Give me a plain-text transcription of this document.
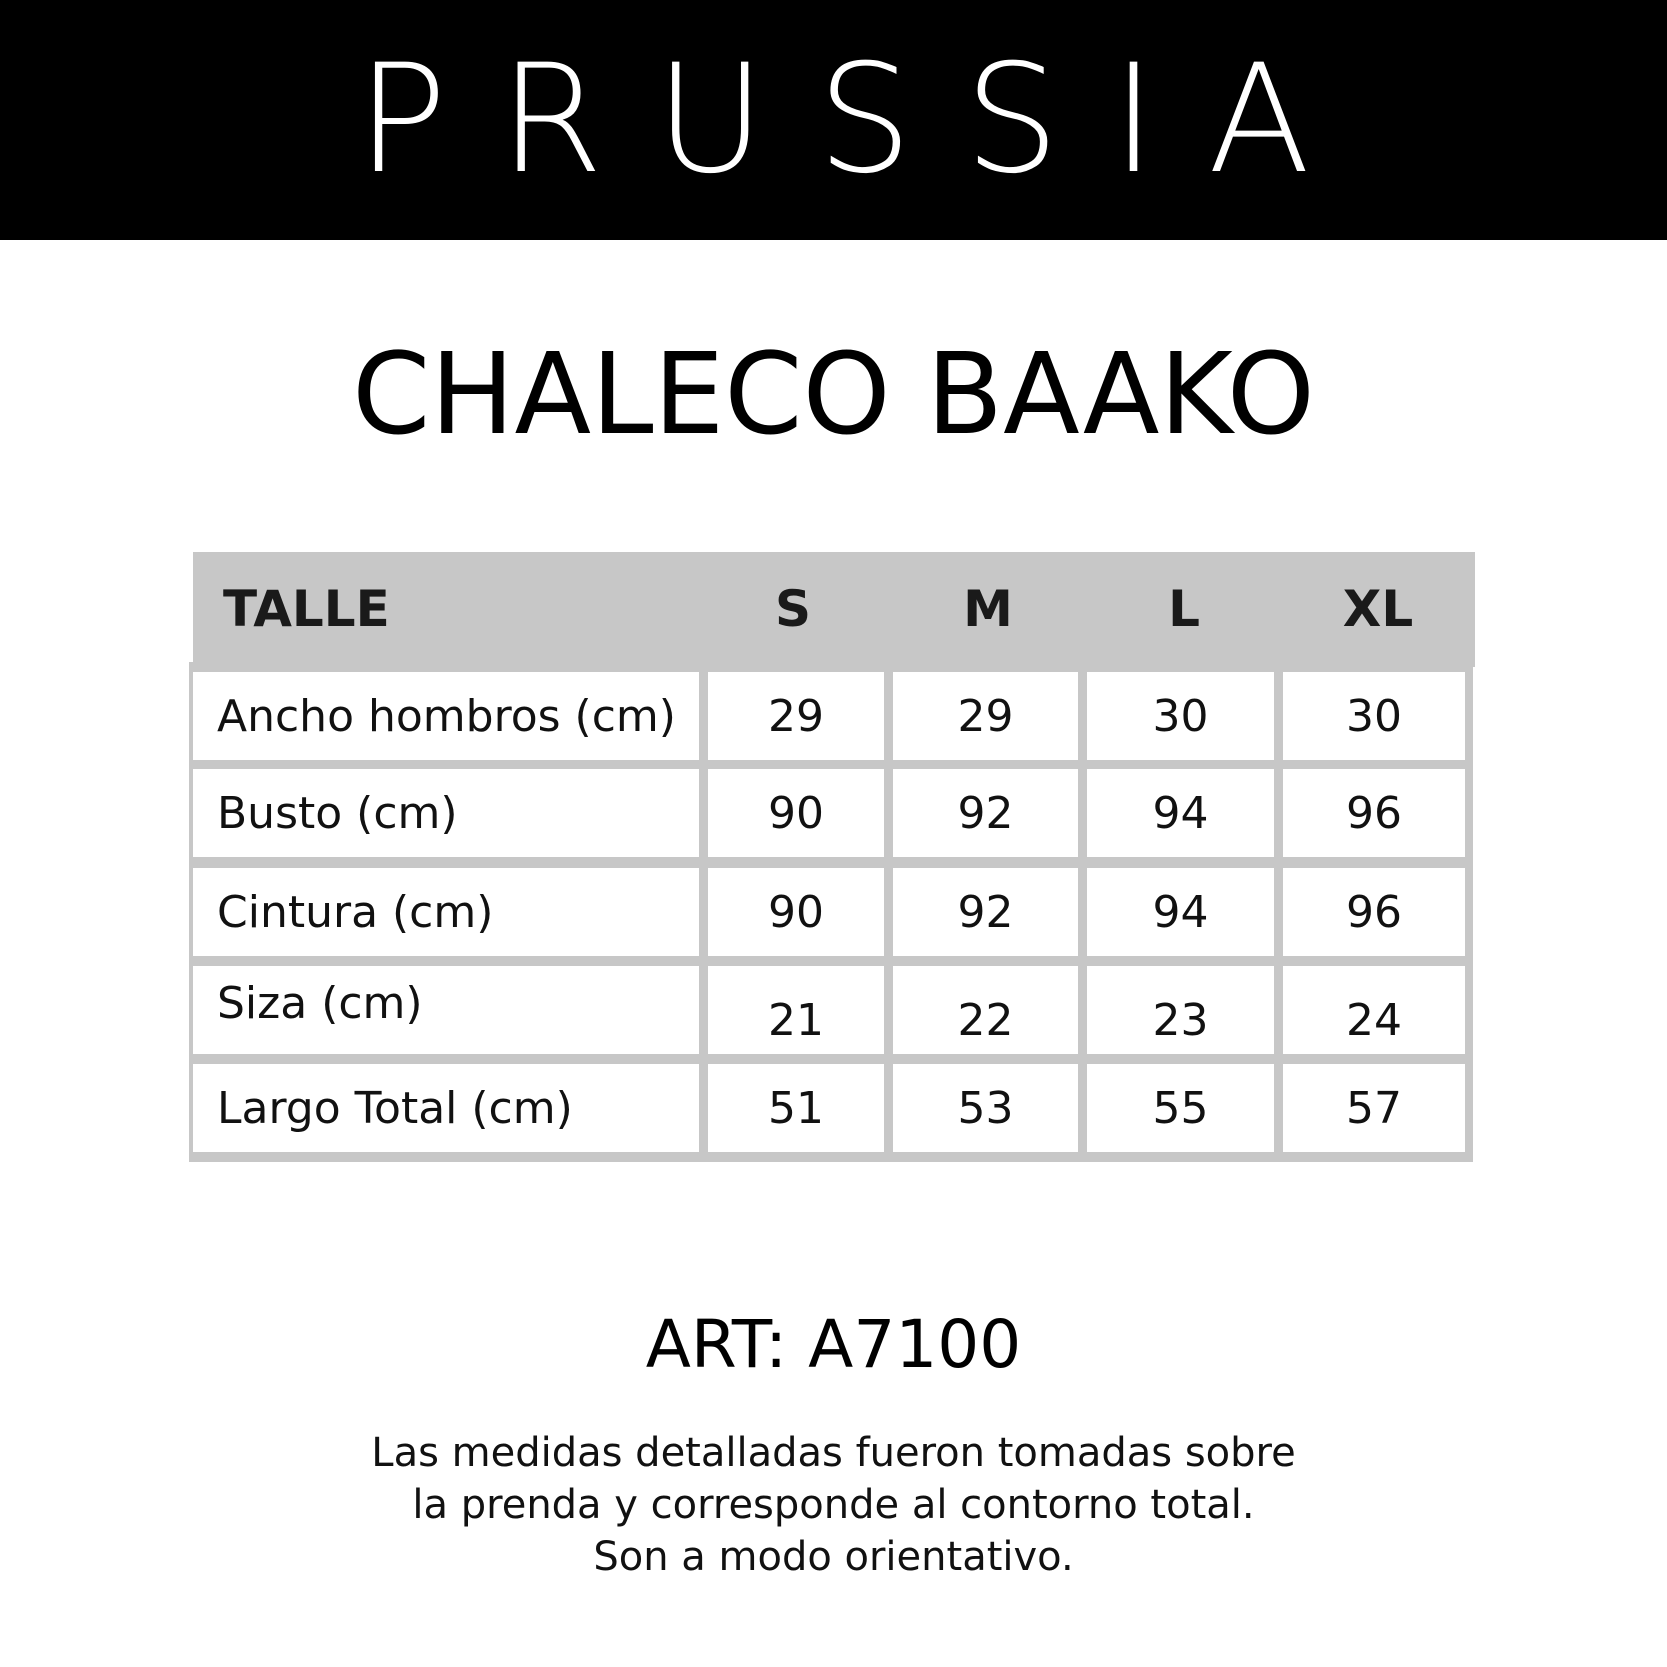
PRUSSIA
CHALECO BAAKO
TALLE	S	M	L	XL
Ancho hombros (cm)	29	29	30	30
Busto (cm)	90	92	94	96
Cintura (cm)	90	92	94	96
Siza (cm)	21	22	23	24
Largo Total (cm)	51	53	55	57
ART: A7100
Las medidas detalladas fueron tomadas sobre
la prenda y corresponde al contorno total.
Son a modo orientativo.
